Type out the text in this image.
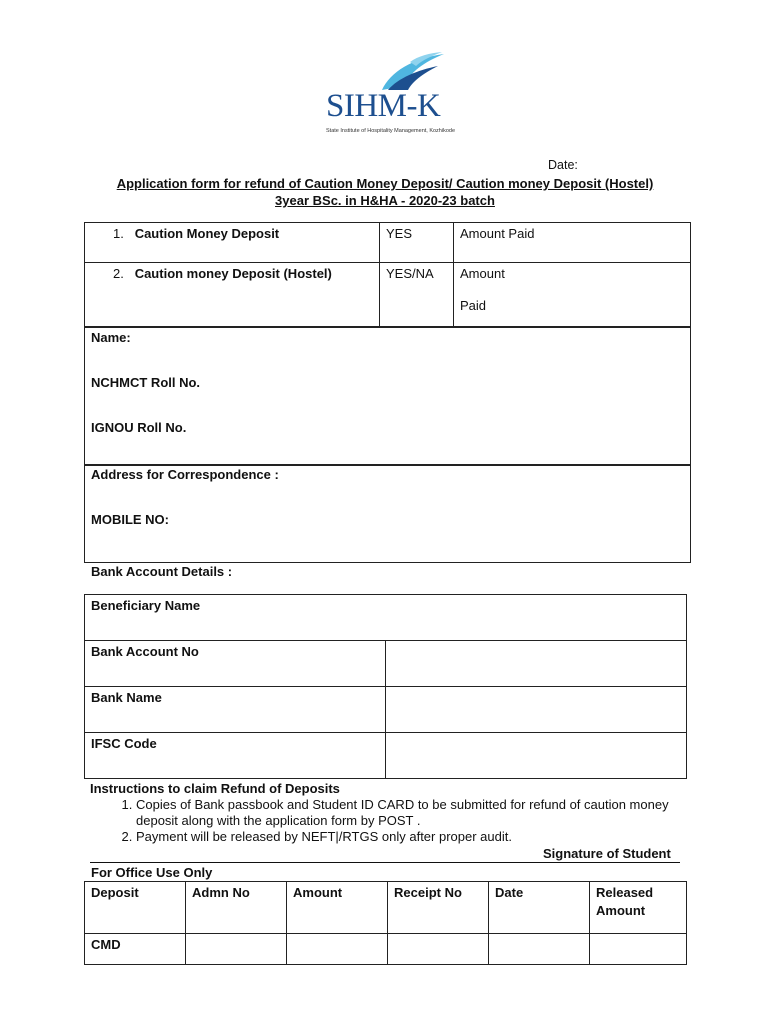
SIHM-K
State Institute of Hospitality Management, Kozhikode
Date:
Application form for refund of Caution Money Deposit/ Caution money Deposit (Hostel)
3year BSc. in H&HA - 2020-23 batch
1. Caution Money Deposit	YES	Amount Paid

2. Caution money Deposit (Hostel)	YES/NA	Amount
Paid
Name:
NCHMCT Roll No.
IGNOU Roll No.
Address for Correspondence :
MOBILE NO:
Bank Account Details :
Beneficiary Name	

Bank Account No	

Bank Name	

IFSC Code	

Instructions to claim Refund of Deposits
1. Copies of Bank passbook and Student ID CARD to be submitted for refund of caution money deposit along with the application form by POST .
2. Payment will be released by NEFT|/RTGS only after proper audit.
Signature of Student
For Office Use Only
Deposit	Admn No	Amount	Receipt No	Date	Released Amount
CMD					
